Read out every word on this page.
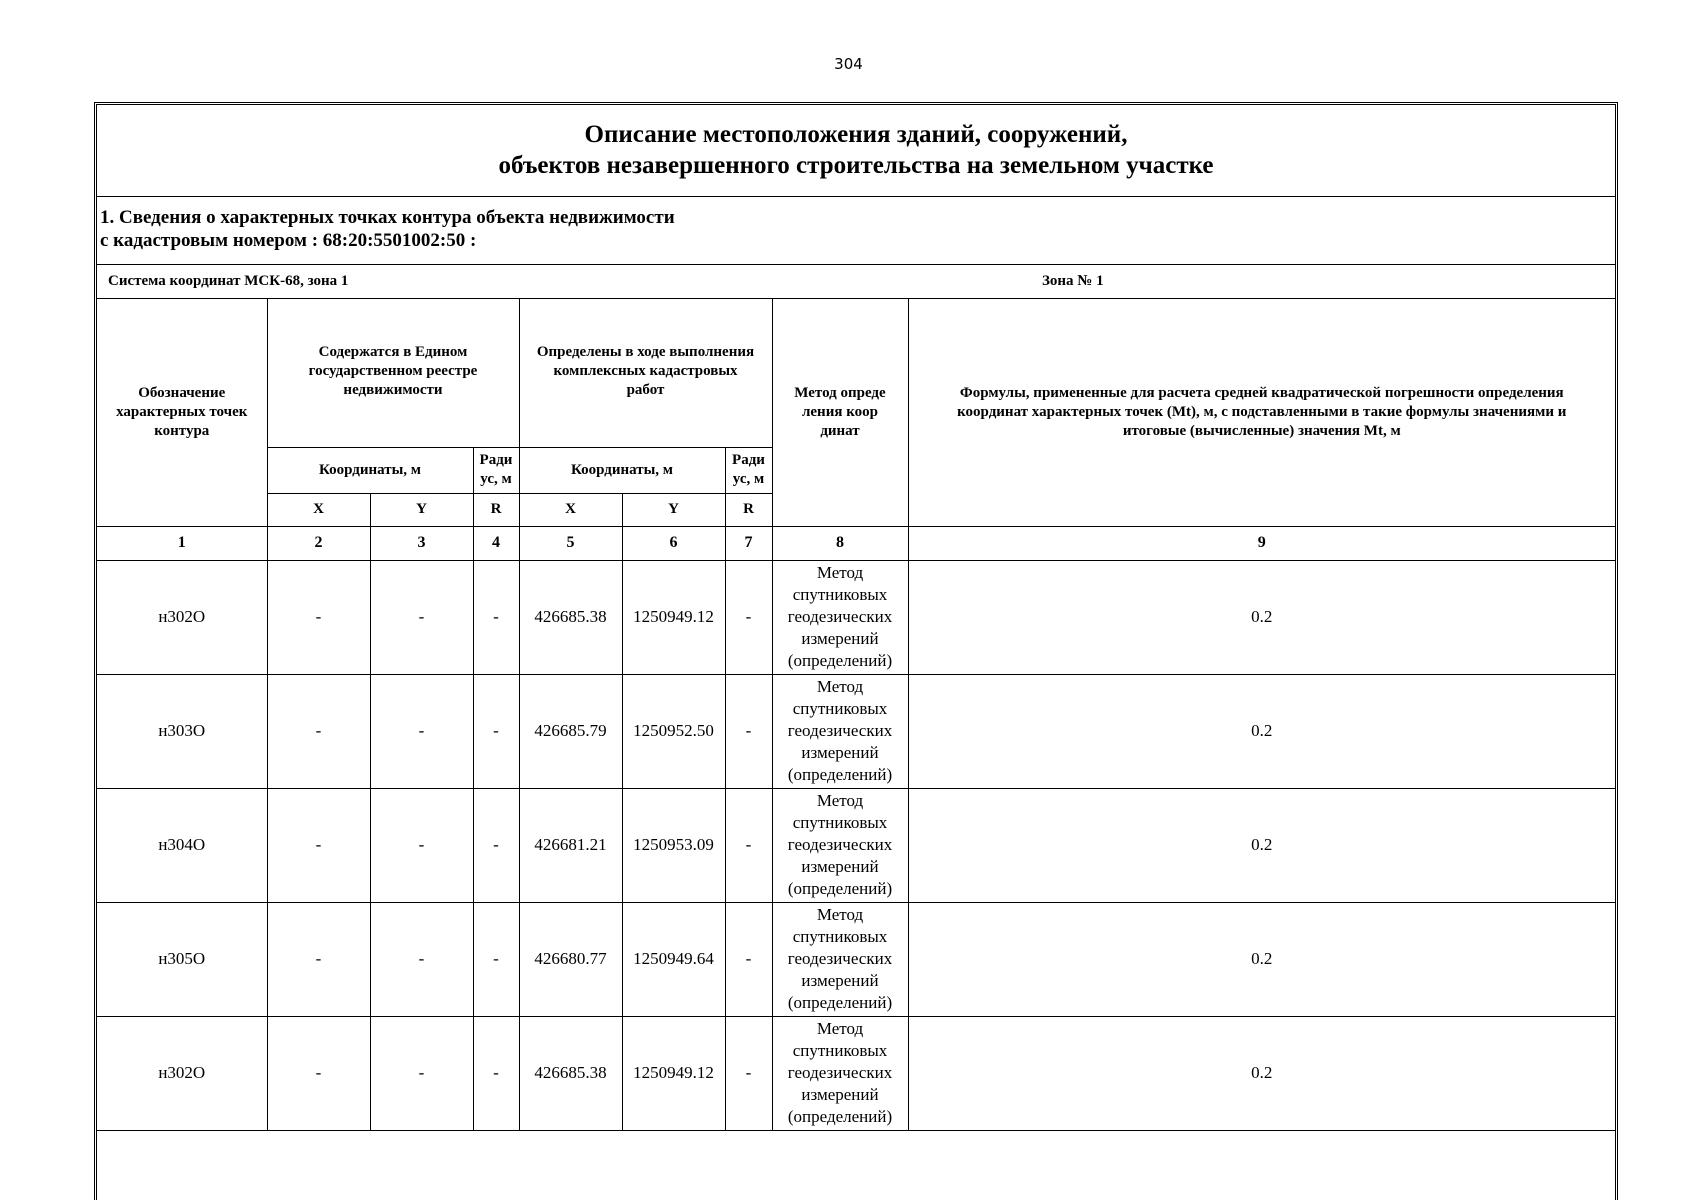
304
Описание местоположения зданий, сооружений,
объектов незавершенного строительства на земельном участке
1. Сведения о характерных точках контура объекта недвижимости
с кадастровым номером : 68:20:5501002:50 :
Система координат МСК-68, зона 1	Зона № 1
Обозначение характерных точек контура	Содержатся в Едином государственном реестре недвижимости			Определены в ходе выполнения комплексных кадастровых работ			Метод опреде ления коор динат	Формулы, примененные для расчета средней квадратической погрешности определения координат характерных точек (Mt), м, с подставленными в такие формулы значениями и итоговые (вычисленные) значения Mt, м
	Координаты, м		Ради ус, м	Координаты, м		Ради ус, м		
	X	Y	R	X	Y	R		
1	2	3	4	5	6	7	8	9
н302О	-	-	-	426685.38	1250949.12	-	Метод спутниковых геодезических измерений (определений)	0.2
н303О	-	-	-	426685.79	1250952.50	-	Метод спутниковых геодезических измерений (определений)	0.2
н304О	-	-	-	426681.21	1250953.09	-	Метод спутниковых геодезических измерений (определений)	0.2
н305О	-	-	-	426680.77	1250949.64	-	Метод спутниковых геодезических измерений (определений)	0.2
н302О	-	-	-	426685.38	1250949.12	-	Метод спутниковых геодезических измерений (определений)	0.2
